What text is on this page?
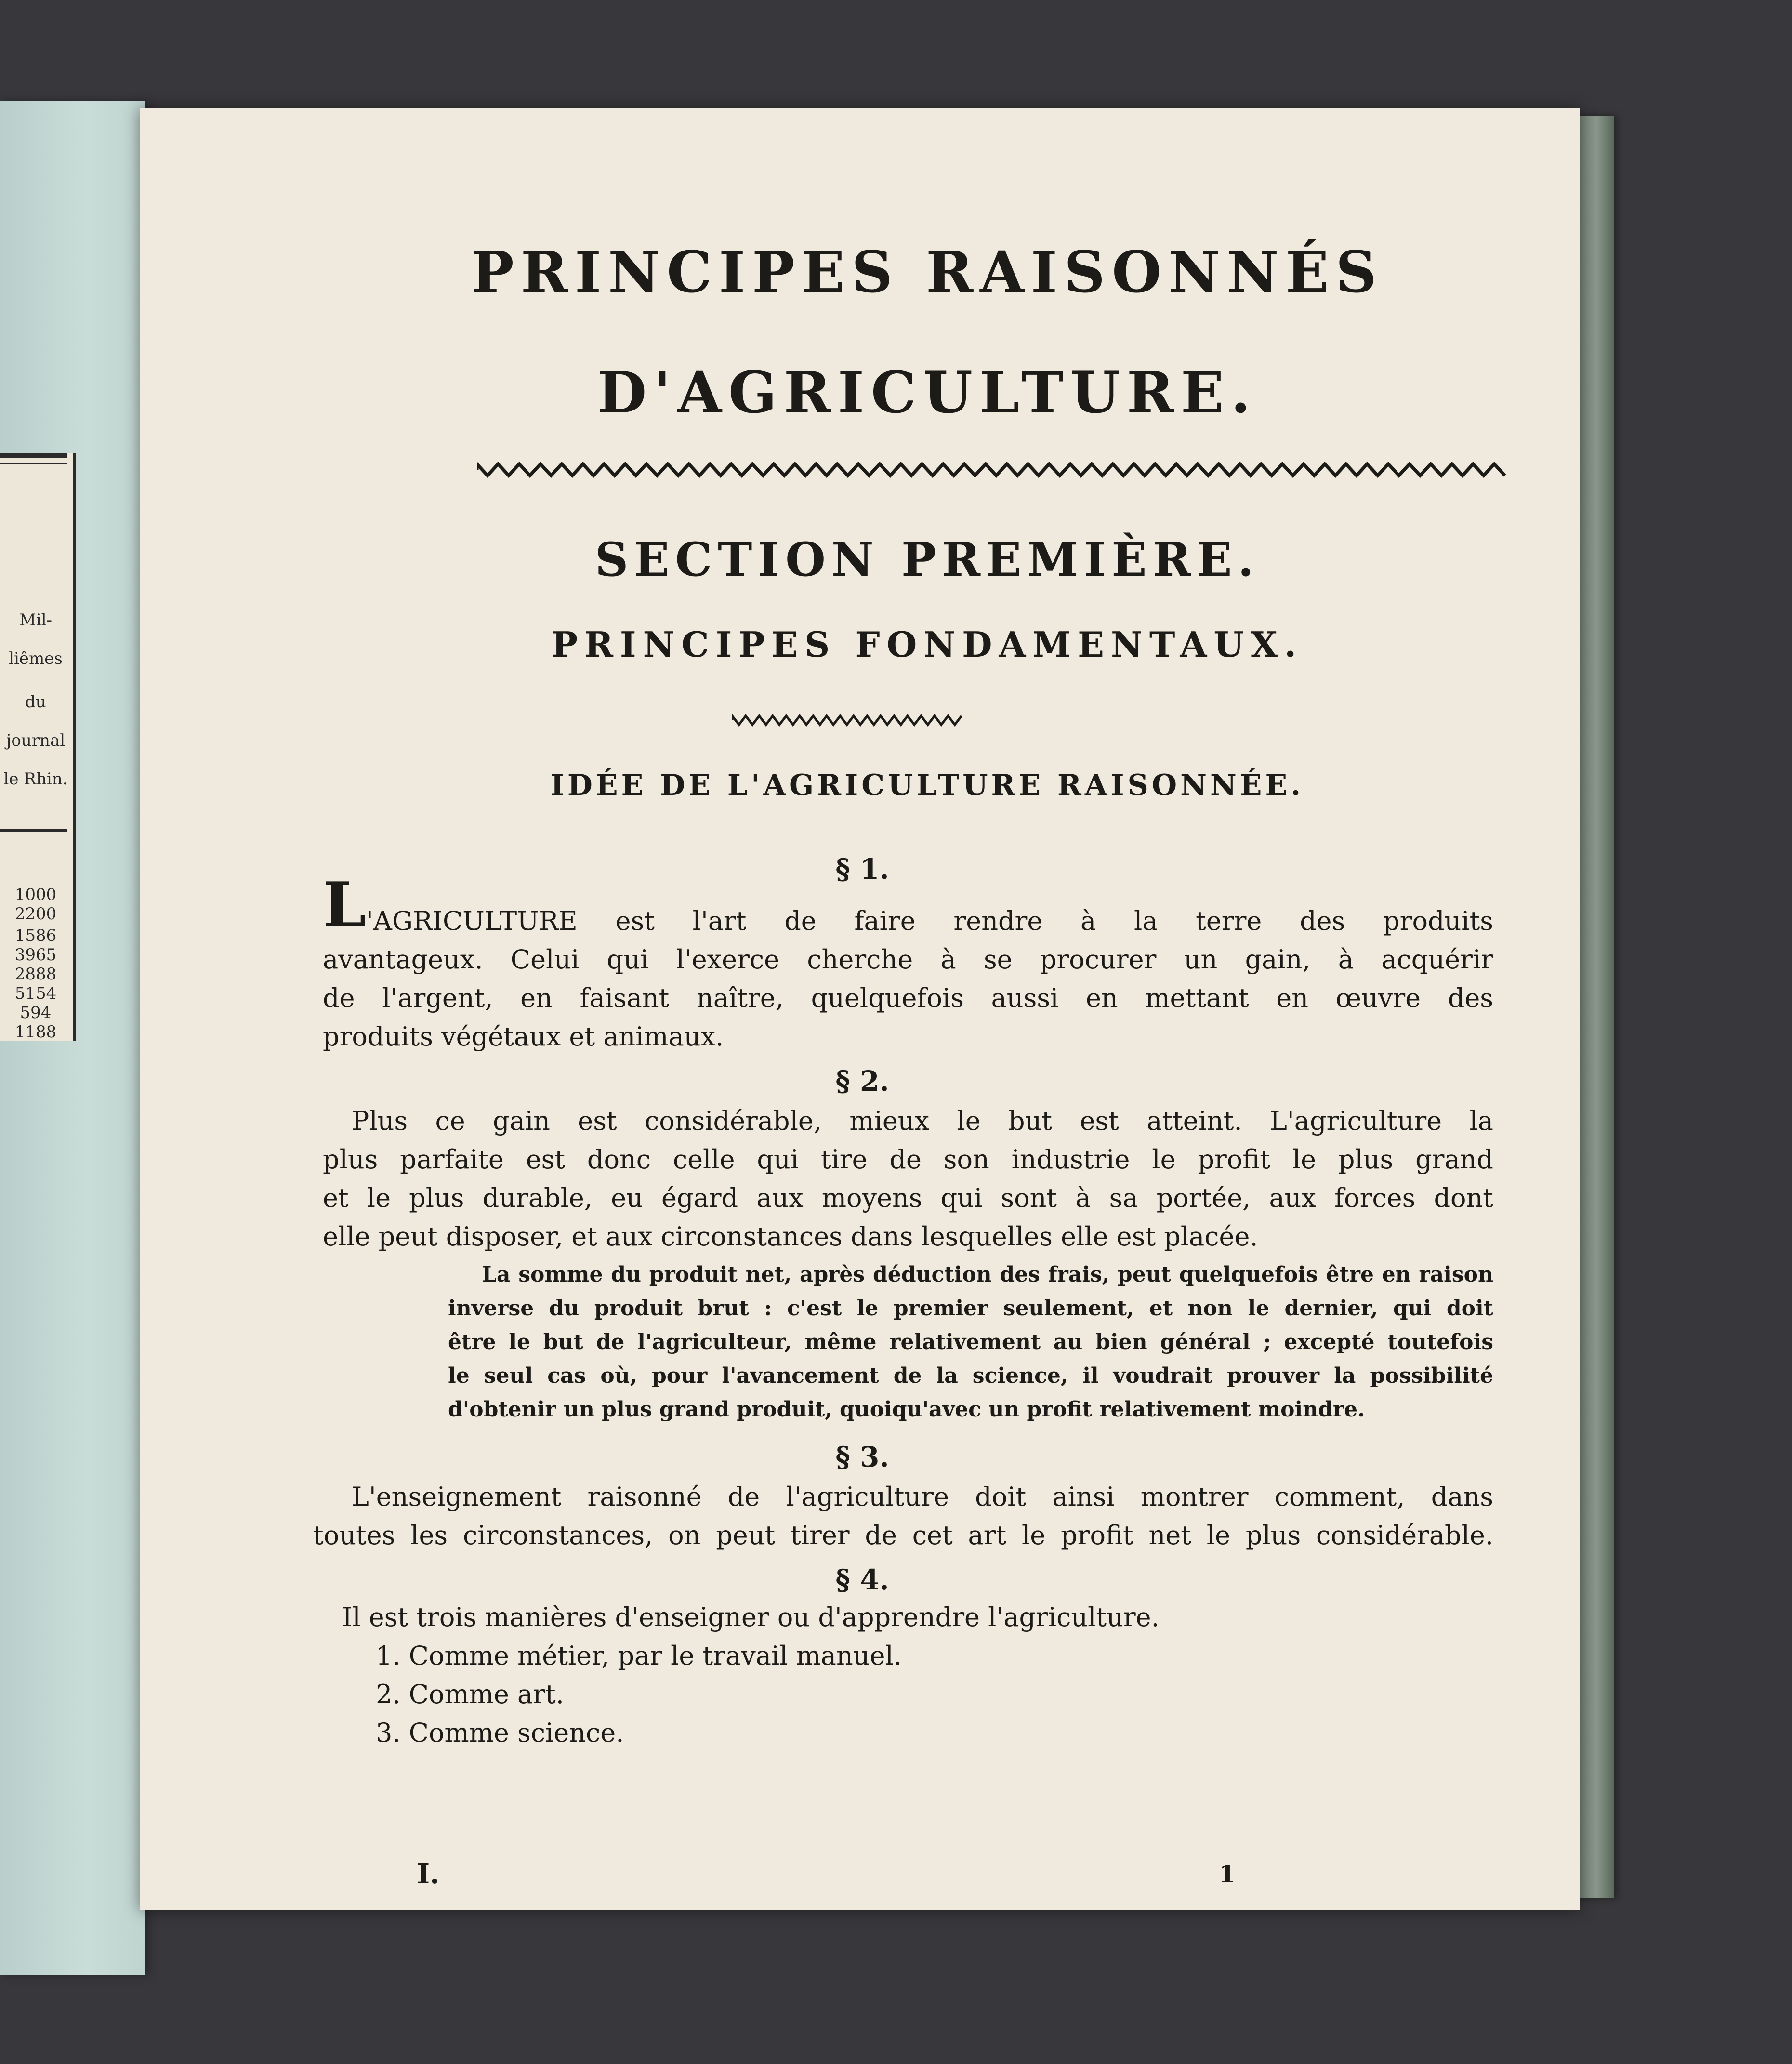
Mil-
liêmes
du
journal
le Rhin.
1000
2200
1586
3965
2888
5154
594
1188
PRINCIPES RAISONNÉS
D'AGRICULTURE.
SECTION PREMIÈRE.
PRINCIPES FONDAMENTAUX.
IDÉE DE L'AGRICULTURE RAISONNÉE.
§ 1.
L 'AGRICULTURE est l'art de faire rendre à la terre des produits
avantageux. Celui qui l'exerce cherche à se procurer un gain, à acquérir
de l'argent, en faisant naître, quelquefois aussi en mettant en œuvre des
produits végétaux et animaux.
§ 2.
Plus ce gain est considérable, mieux le but est atteint. L'agriculture la
plus parfaite est donc celle qui tire de son industrie le profit le plus grand
et le plus durable, eu égard aux moyens qui sont à sa portée, aux forces dont
elle peut disposer, et aux circonstances dans lesquelles elle est placée.
La somme du produit net, après déduction des frais, peut quelquefois être en raison
inverse du produit brut : c'est le premier seulement, et non le dernier, qui doit
être le but de l'agriculteur, même relativement au bien général ; excepté toutefois
le seul cas où, pour l'avancement de la science, il voudrait prouver la possibilité
d'obtenir un plus grand produit, quoiqu'avec un profit relativement moindre.
§ 3.
L'enseignement raisonné de l'agriculture doit ainsi montrer comment, dans
toutes les circonstances, on peut tirer de cet art le profit net le plus considérable.
§ 4.
Il est trois manières d'enseigner ou d'apprendre l'agriculture.
1. Comme métier, par le travail manuel.
2. Comme art.
3. Comme science.
I.	1
